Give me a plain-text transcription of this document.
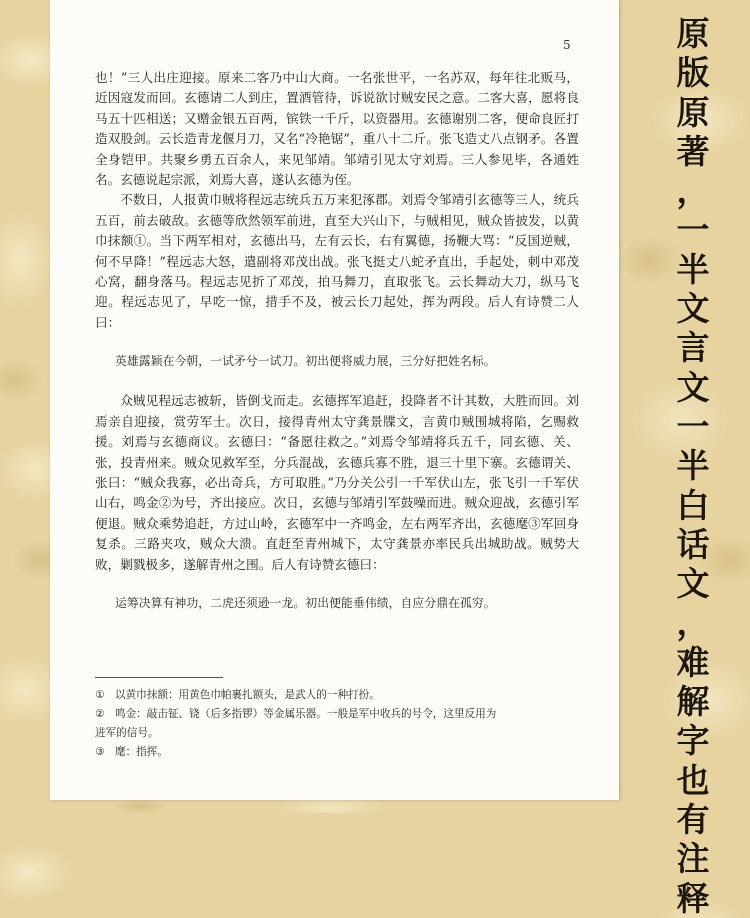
5

也！”三人出庄迎接。原来二客乃中山大商。一名张世平，一名苏双，每年往北贩马，近因寇发而回。玄德请二人到庄，置酒管待，诉说欲讨贼安民之意。二客大喜，愿将良马五十匹相送；又赠金银五百两，镔铁一千斤，以资器用。玄德谢别二客，便命良匠打造双股剑。云长造青龙偃月刀，又名“冷艳锯”，重八十二斤。张飞造丈八点钢矛。各置全身铠甲。共聚乡勇五百余人，来见邹靖。邹靖引见太守刘焉。三人参见毕，各通姓名。玄德说起宗派，刘焉大喜，遂认玄德为侄。

不数日，人报黄巾贼将程远志统兵五万来犯涿郡。刘焉令邹靖引玄德等三人，统兵五百，前去破敌。玄德等欣然领军前进，直至大兴山下，与贼相见，贼众皆披发，以黄巾抹额①。当下两军相对，玄德出马，左有云长，右有翼德，扬鞭大骂：“反国逆贼，何不早降！”程远志大怒，遣副将邓茂出战。张飞挺丈八蛇矛直出，手起处，刺中邓茂心窝，翻身落马。程远志见折了邓茂，拍马舞刀，直取张飞。云长舞动大刀，纵马飞迎。程远志见了，早吃一惊，措手不及，被云长刀起处，挥为两段。后人有诗赞二人曰：

英雄露颖在今朝，一试矛兮一试刀。初出便将威力展，三分好把姓名标。

众贼见程远志被斩，皆倒戈而走。玄德挥军追赶，投降者不计其数，大胜而回。刘焉亲自迎接，赏劳军士。次日，接得青州太守龚景牒文，言黄巾贼围城将陷，乞赐救援。刘焉与玄德商议。玄德曰：“备愿往救之。”刘焉令邹靖将兵五千，同玄德、关、张，投青州来。贼众见救军至，分兵混战，玄德兵寡不胜，退三十里下寨。玄德谓关、张曰：“贼众我寡，必出奇兵，方可取胜。”乃分关公引一千军伏山左，张飞引一千军伏山右，鸣金②为号，齐出接应。次日，玄德与邹靖引军鼓噪而进。贼众迎战，玄德引军便退。贼众乘势追赶，方过山岭，玄德军中一齐鸣金，左右两军齐出，玄德麾③军回身复杀。三路夹攻，贼众大溃。直赶至青州城下，太守龚景亦率民兵出城助战。贼势大败，剿戮极多，遂解青州之围。后人有诗赞玄德曰：

运筹决算有神功，二虎还须逊一龙。初出便能垂伟绩，自应分鼎在孤穷。

① 以黄巾抹额：用黄色巾帕裹扎额头，是武人的一种打扮。

② 鸣金：敲击钲、铙（后多指锣）等金属乐器。一般是军中收兵的号令，这里反用为

进军的信号。

③ 麾：指挥。

原
版
原
著
，
一
半
文
言
文
一
半
白
话
文
，
难
解
字
也
有
注
释
